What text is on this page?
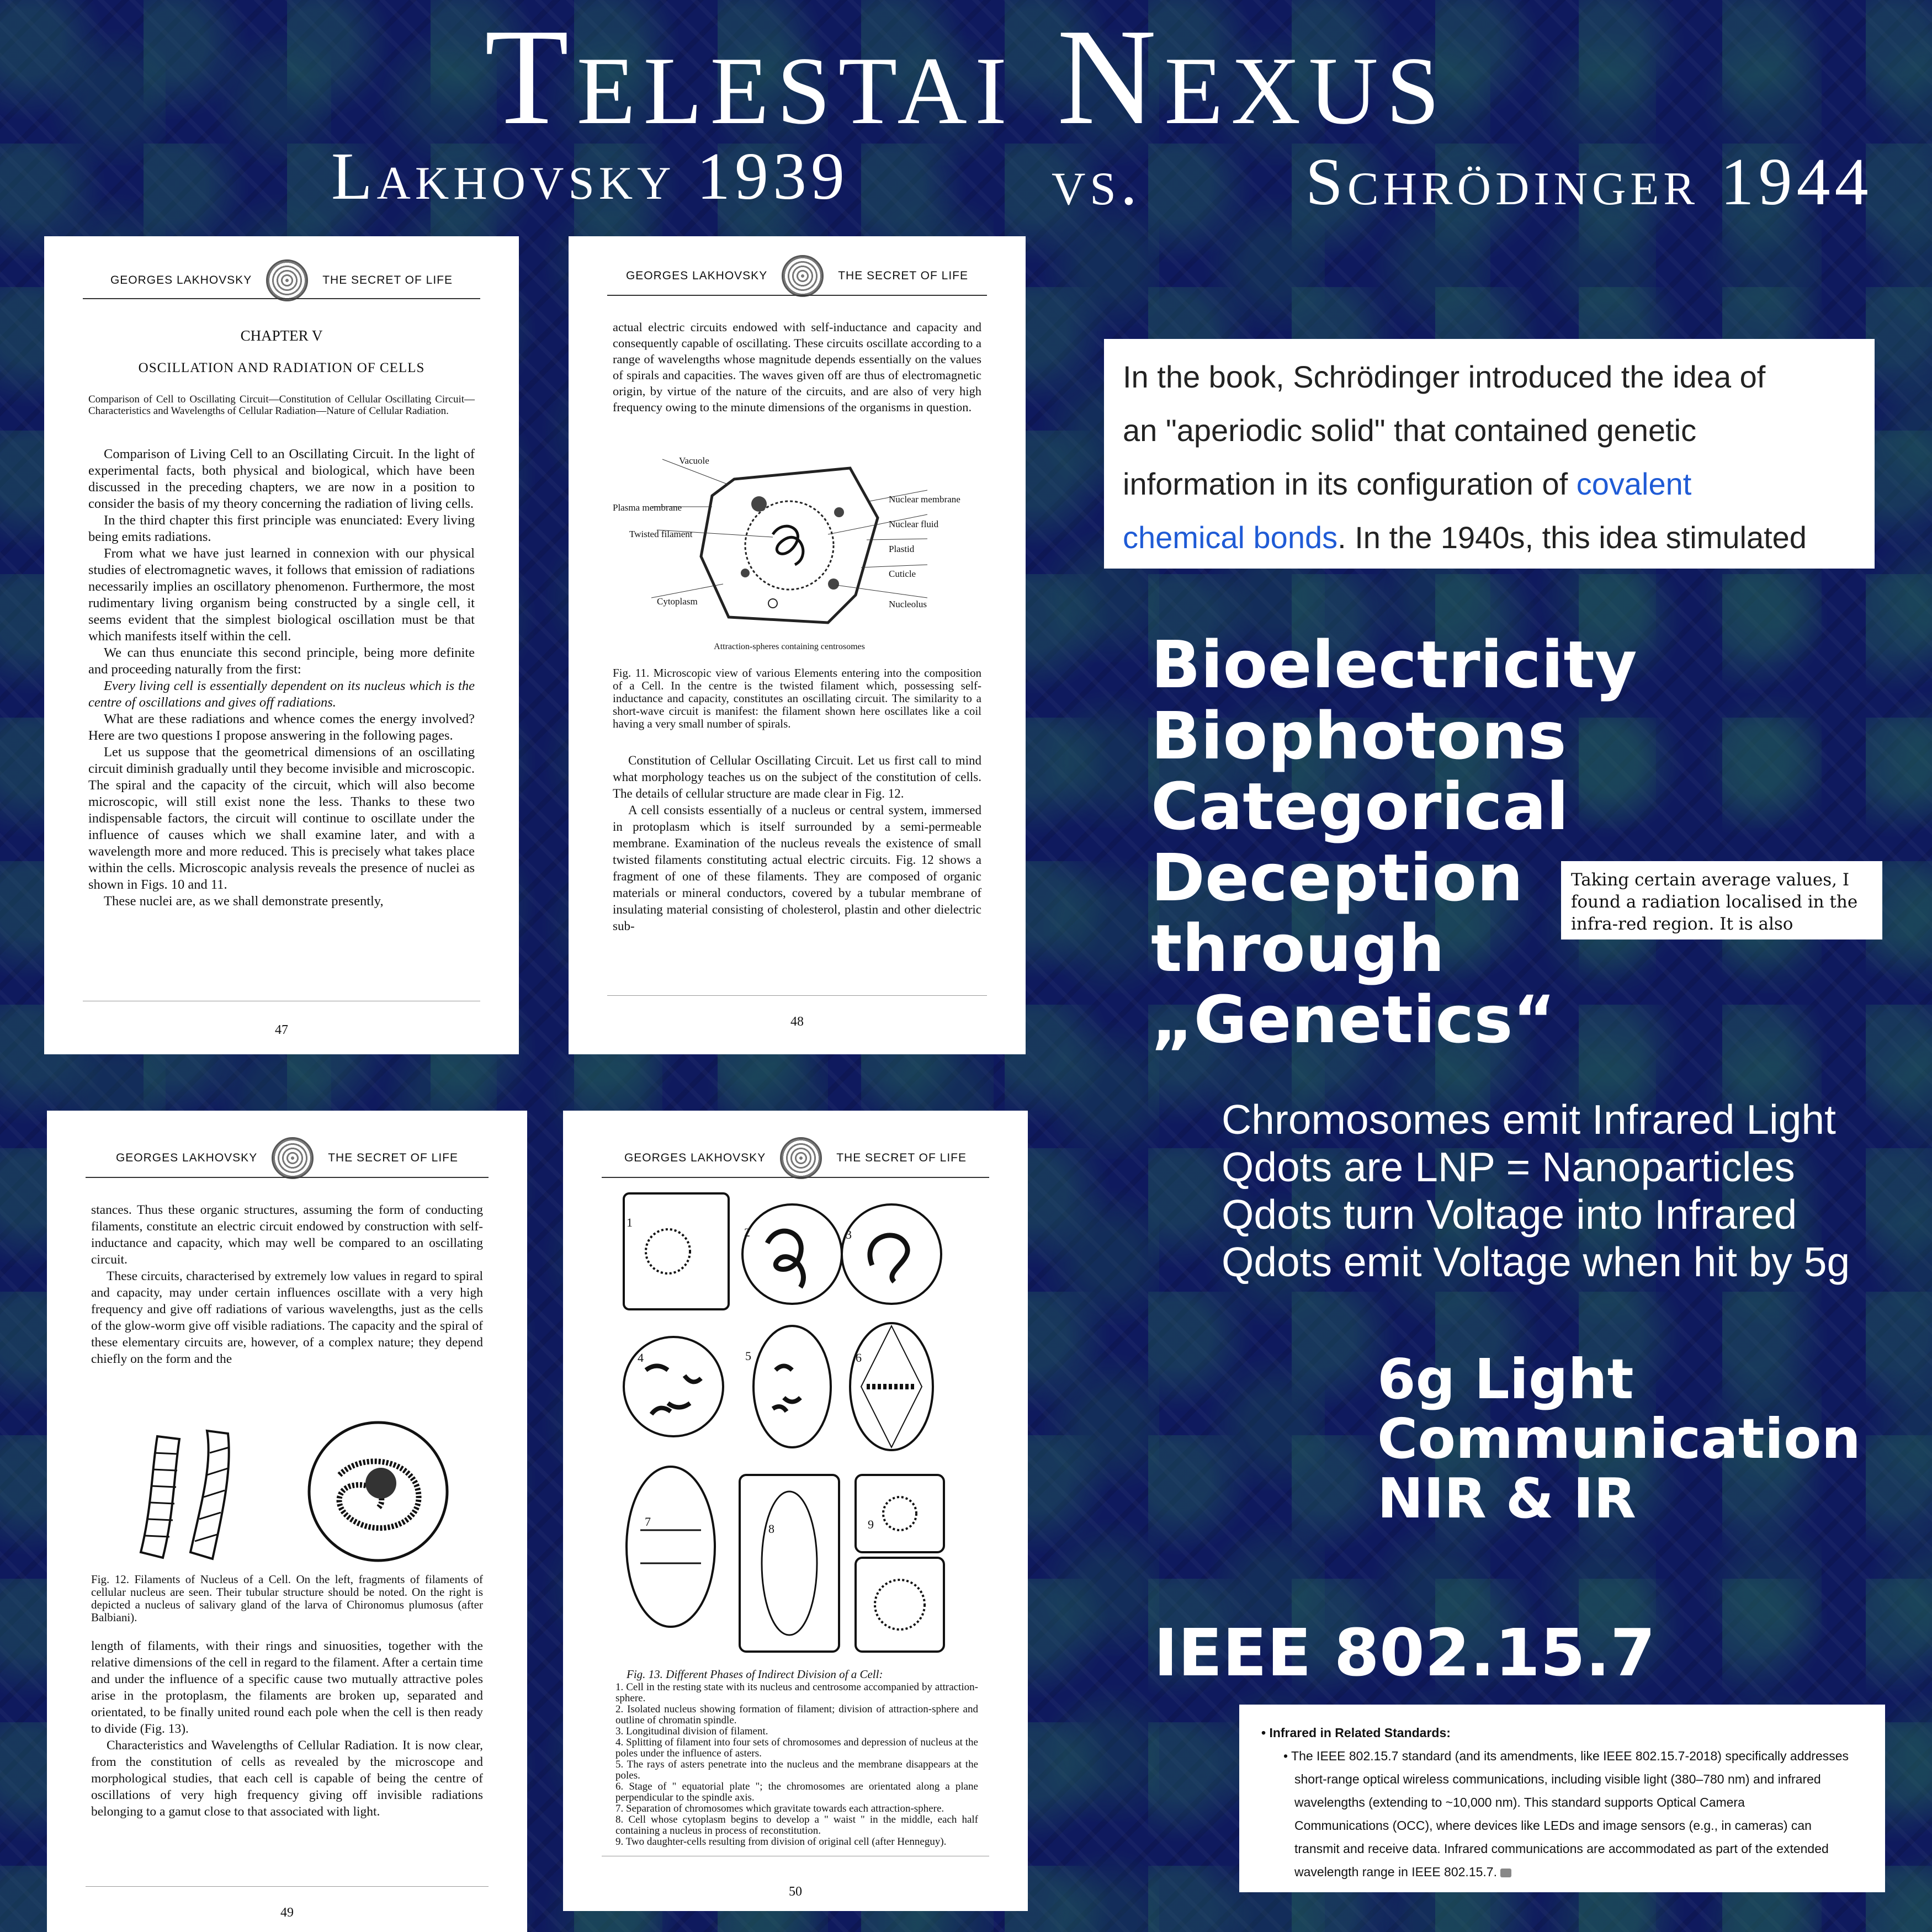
Telestai Nexus
Lakhovsky 1939	vs. Schrödinger 1944
GEORGES LAKHOVSKY	THE SECRET OF LIFE
CHAPTER V
OSCILLATION AND RADIATION OF CELLS
Comparison of Cell to Oscillating Circuit—Constitution of Cellular Oscillating Circuit—Characteristics and Wavelengths of Cellular Radiation—Nature of Cellular Radiation.

Comparison of Living Cell to an Oscillating Circuit. In the light of experimental facts, both physical and biological, which have been discussed in the preceding chapters, we are now in a position to consider the basis of my theory concerning the radiation of living cells.

In the third chapter this first principle was enunciated: Every living being emits radiations.

From what we have just learned in connexion with our physical studies of electromagnetic waves, it follows that emission of radiations necessarily implies an oscillatory phenomenon. Furthermore, the most rudimentary living organism being constructed by a single cell, it seems evident that the simplest biological oscillation must be that which manifests itself within the cell.

We can thus enunciate this second principle, being more definite and proceeding naturally from the first:

Every living cell is essentially dependent on its nucleus which is the centre of oscillations and gives off radiations.

What are these radiations and whence comes the energy involved? Here are two questions I propose answering in the following pages.

Let us suppose that the geometrical dimensions of an oscillating circuit diminish gradually until they become invisible and microscopic. The spiral and the capacity of the circuit, which will also become microscopic, will still exist none the less. Thanks to these two indispensable factors, the circuit will continue to oscillate under the influence of causes which we shall examine later, and with a wavelength more and more reduced. This is precisely what takes place within the cells. Microscopic analysis reveals the presence of nuclei as shown in Figs. 10 and 11.

These nuclei are, as we shall demonstrate presently,

47
GEORGES LAKHOVSKY	THE SECRET OF LIFE

actual electric circuits endowed with self-inductance and capacity and consequently capable of oscillating. These circuits oscillate according to a range of wavelengths whose magnitude depends essentially on the values of spirals and capacities. The waves given off are thus of electromagnetic origin, by virtue of the nature of the circuits, and are also of very high frequency owing to the minute dimensions of the organisms in question.

Vacuole
Plasma membrane
Twisted filament
Cytoplasm
Nuclear membrane
Nuclear fluid
Plastid
Cuticle
Nucleolus
Attraction-spheres containing centrosomes
Fig. 11. Microscopic view of various Elements entering into the composition of a Cell. In the centre is the twisted filament which, possessing self-inductance and capacity, constitutes an oscillating circuit. The similarity to a short-wave circuit is manifest: the filament shown here oscillates like a coil having a very small number of spirals.

Constitution of Cellular Oscillating Circuit. Let us first call to mind what morphology teaches us on the subject of the constitution of cells. The details of cellular structure are made clear in Fig. 12.

A cell consists essentially of a nucleus or central system, immersed in protoplasm which is itself surrounded by a semi-permeable membrane. Examination of the nucleus reveals the existence of small twisted filaments constituting actual electric circuits. Fig. 12 shows a fragment of one of these filaments. They are composed of organic materials or mineral conductors, covered by a tubular membrane of insulating material consisting of cholesterol, plastin and other dielectric sub-

48
GEORGES LAKHOVSKY	THE SECRET OF LIFE

stances. Thus these organic structures, assuming the form of conducting filaments, constitute an electric circuit endowed by construction with self-inductance and capacity, which may well be compared to an oscillating circuit.

These circuits, characterised by extremely low values in regard to spiral and capacity, may under certain influences oscillate with a very high frequency and give off radiations of various wavelengths, just as the cells of the glow-worm give off visible radiations. The capacity and the spiral of these elementary circuits are, however, of a complex nature; they depend chiefly on the form and the

Fig. 12. Filaments of Nucleus of a Cell. On the left, fragments of filaments of cellular nucleus are seen. Their tubular structure should be noted. On the right is depicted a nucleus of salivary gland of the larva of Chironomus plumosus (after Balbiani).

length of filaments, with their rings and sinuosities, together with the relative dimensions of the cell in regard to the filament. After a certain time and under the influence of a specific cause two mutually attractive poles arise in the protoplasm, the filaments are broken up, separated and orientated, to be finally united round each pole when the cell is then ready to divide (Fig. 13).

Characteristics and Wavelengths of Cellular Radiation. It is now clear, from the constitution of cells as revealed by the microscope and morphological studies, that each cell is capable of being the centre of oscillations of very high frequency giving off invisible radiations belonging to a gamut close to that associated with light.

49
GEORGES LAKHOVSKY	THE SECRET OF LIFE
1
2	3
4	5	6
7
8	9
Fig. 13. Different Phases of Indirect Division of a Cell:
1. Cell in the resting state with its nucleus and centrosome accompanied by attraction-sphere.
2. Isolated nucleus showing formation of filament; division of attraction-sphere and outline of chromatin spindle.
3. Longitudinal division of filament.
4. Splitting of filament into four sets of chromosomes and depression of nucleus at the poles under the influence of asters.
5. The rays of asters penetrate into the nucleus and the membrane disappears at the poles.
6. Stage of " equatorial plate "; the chromosomes are orientated along a plane perpendicular to the spindle axis.
7. Separation of chromosomes which gravitate towards each attraction-sphere.
8. Cell whose cytoplasm begins to develop a " waist " in the middle, each half containing a nucleus in process of reconstitution.
9. Two daughter-cells resulting from division of original cell (after Henneguy).
50
In the book, Schrödinger introduced the idea of
an "aperiodic solid" that contained genetic
information in its configuration of covalent
chemical bonds. In the 1940s, this idea stimulated
Bioelectricity
Biophotons
Categorical
Deception
through
„Genetics“
Taking certain average values, I
found a radiation localised in the
infra-red region. It is also
Chromosomes emit Infrared Light
Qdots are LNP = Nanoparticles
Qdots turn Voltage into Infrared
Qdots emit Voltage when hit by 5g
6g Light
Communication
NIR & IR
IEEE 802.15.7
• Infrared in Related Standards:
• The IEEE 802.15.7 standard (and its amendments, like IEEE 802.15.7-2018) specifically addresses
short-range optical wireless communications, including visible light (380–780 nm) and infrared
wavelengths (extending to ~10,000 nm). This standard supports Optical Camera
Communications (OCC), where devices like LEDs and image sensors (e.g., in cameras) can
transmit and receive data. Infrared communications are accommodated as part of the extended
wavelength range in IEEE 802.15.7.
